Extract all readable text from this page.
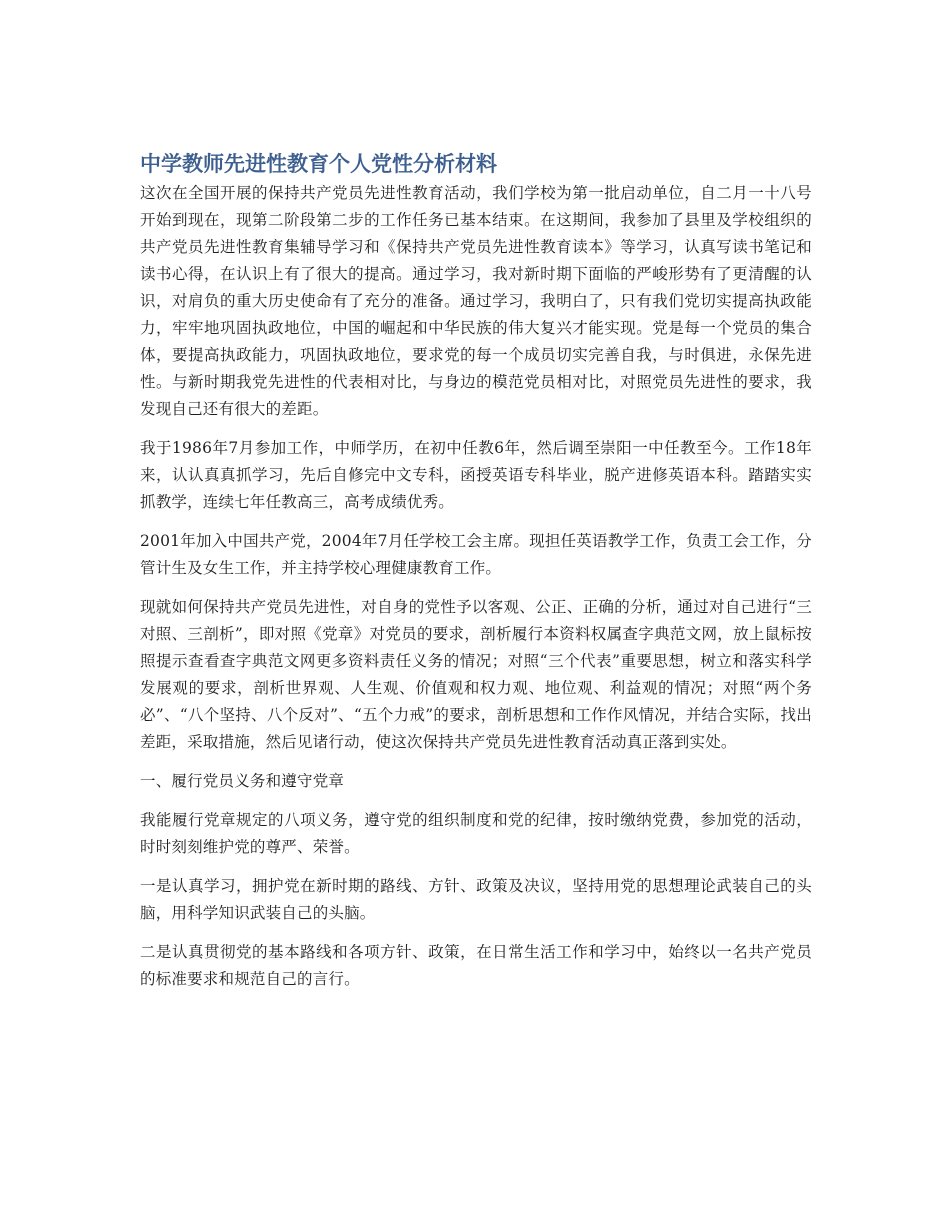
中学教师先进性教育个人党性分析材料

这次在全国开展的保持共产党员先进性教育活动，我们学校为第一批启动单位，自二月一十八号开始到现在，现第二阶段第二步的工作任务已基本结束。在这期间，我参加了县里及学校组织的共产党员先进性教育集辅导学习和《保持共产党员先进性教育读本》等学习，认真写读书笔记和读书心得，在认识上有了很大的提高。通过学习，我对新时期下面临的严峻形势有了更清醒的认识，对肩负的重大历史使命有了充分的准备。通过学习，我明白了，只有我们党切实提高执政能力，牢牢地巩固执政地位，中国的崛起和中华民族的伟大复兴才能实现。党是每一个党员的集合体，要提高执政能力，巩固执政地位，要求党的每一个成员切实完善自我，与时俱进，永保先进性。与新时期我党先进性的代表相对比，与身边的模范党员相对比，对照党员先进性的要求，我发现自己还有很大的差距。

我于1986年7月参加工作，中师学历，在初中任教6年，然后调至崇阳一中任教至今。工作18年来，认认真真抓学习，先后自修完中文专科，函授英语专科毕业，脱产进修英语本科。踏踏实实抓教学，连续七年任教高三，高考成绩优秀。

2001年加入中国共产党，2004年7月任学校工会主席。现担任英语教学工作，负责工会工作，分管计生及女生工作，并主持学校心理健康教育工作。

现就如何保持共产党员先进性，对自身的党性予以客观、公正、正确的分析，通过对自己进行“三对照、三剖析”，即对照《党章》对党员的要求，剖析履行本资料权属查字典范文网，放上鼠标按照提示查看查字典范文网更多资料责任义务的情况；对照“三个代表”重要思想，树立和落实科学发展观的要求，剖析世界观、人生观、价值观和权力观、地位观、利益观的情况；对照“两个务必”、“八个坚持、八个反对”、“五个力戒”的要求，剖析思想和工作作风情况，并结合实际，找出差距，采取措施，然后见诸行动，使这次保持共产党员先进性教育活动真正落到实处。

一、履行党员义务和遵守党章

我能履行党章规定的八项义务，遵守党的组织制度和党的纪律，按时缴纳党费，参加党的活动，时时刻刻维护党的尊严、荣誉。

一是认真学习，拥护党在新时期的路线、方针、政策及决议，坚持用党的思想理论武装自己的头脑，用科学知识武装自己的头脑。

二是认真贯彻党的基本路线和各项方针、政策，在日常生活工作和学习中，始终以一名共产党员的标准要求和规范自己的言行。
